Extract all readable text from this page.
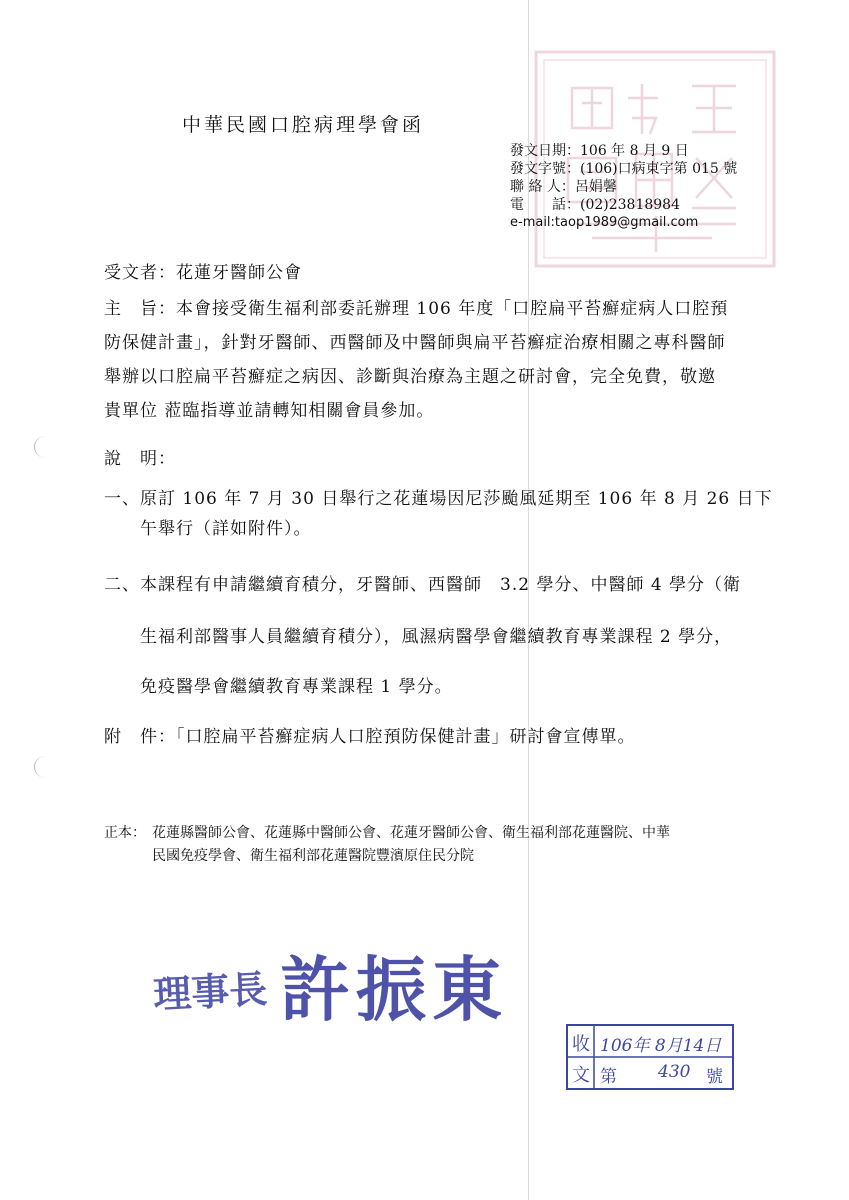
中華民國口腔病理學會函
發文日期：106 年 8 月 9 日
發文字號：(106)口病東字第 015 號
聯 絡 人：呂娟馨
電　　話：(02)23818984
e-mail:taop1989@gmail.com
受文者：花蓮牙醫師公會
主　旨：本會接受衛生福利部委託辦理 106 年度「口腔扁平苔癬症病人口腔預
防保健計畫」，針對牙醫師、西醫師及中醫師與扁平苔癬症治療相關之專科醫師
舉辦以口腔扁平苔癬症之病因、診斷與治療為主題之研討會，完全免費，敬邀
貴單位 蒞臨指導並請轉知相關會員參加。
說　明：
一、原訂 106 年 7 月 30 日舉行之花蓮場因尼莎颱風延期至 106 年 8 月 26 日下
午舉行（詳如附件）。
二、本課程有申請繼續育積分，牙醫師、西醫師　3.2 學分、中醫師 4 學分（衛
生福利部醫事人員繼續育積分），風濕病醫學會繼續教育專業課程 2 學分，
免疫醫學會繼續教育專業課程 1 學分。
附　件：「口腔扁平苔癬症病人口腔預防保健計畫」研討會宣傳單。
正本： 花蓮縣醫師公會、花蓮縣中醫師公會、花蓮牙醫師公會、衛生福利部花蓮醫院、中華
民國免疫學會、衛生福利部花蓮醫院豐濱原住民分院
理事長 許振東
收 106年 8月14日
文 第 430 號
